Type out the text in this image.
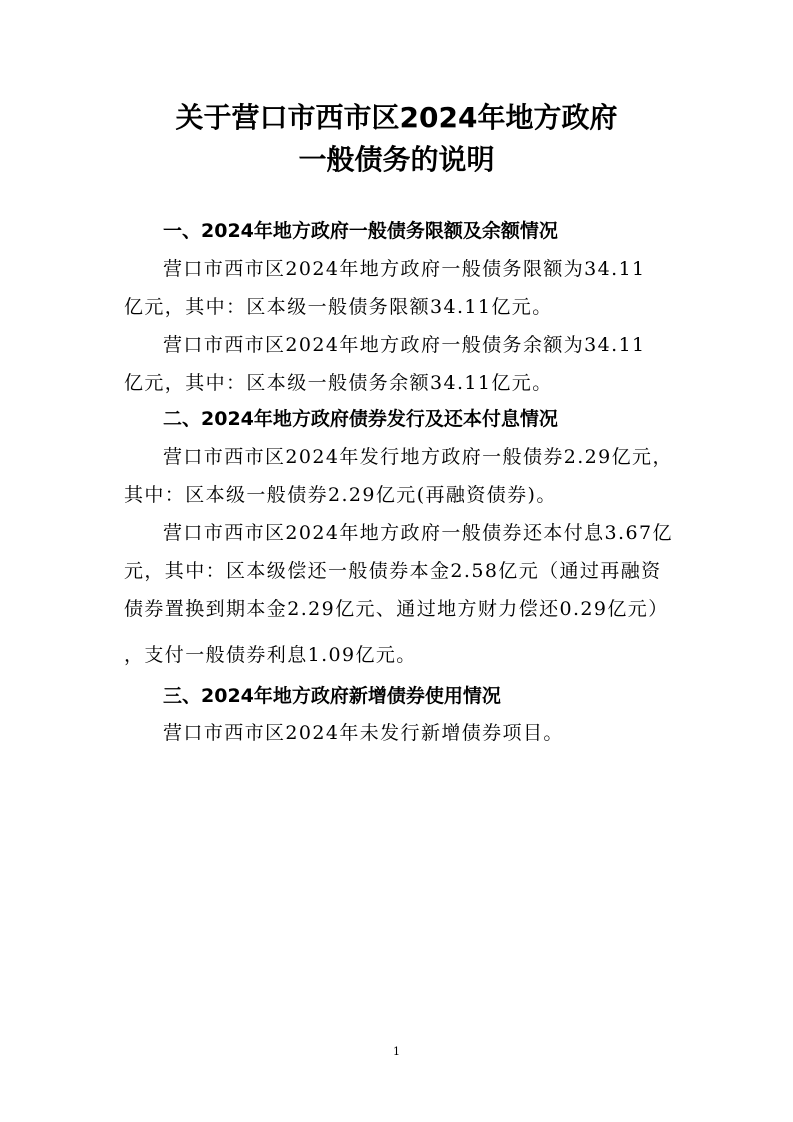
关于营口市西市区2024年地方政府
一般债务的说明
一、2024年地方政府一般债务限额及余额情况

营口市西市区2024年地方政府一般债务限额为34.11

亿元，其中：区本级一般债务限额34.11亿元。

营口市西市区2024年地方政府一般债务余额为34.11

亿元，其中：区本级一般债务余额34.11亿元。

二、2024年地方政府债券发行及还本付息情况

营口市西市区2024年发行地方政府一般债券2.29亿元，

其中：区本级一般债券2.29亿元(再融资债券)。

营口市西市区2024年地方政府一般债券还本付息3.67亿

元，其中：区本级偿还一般债券本金2.58亿元（通过再融资

债券置换到期本金2.29亿元、通过地方财力偿还0.29亿元）

，支付一般债券利息1.09亿元。

三、2024年地方政府新增债券使用情况

营口市西市区2024年未发行新增债券项目。

1
